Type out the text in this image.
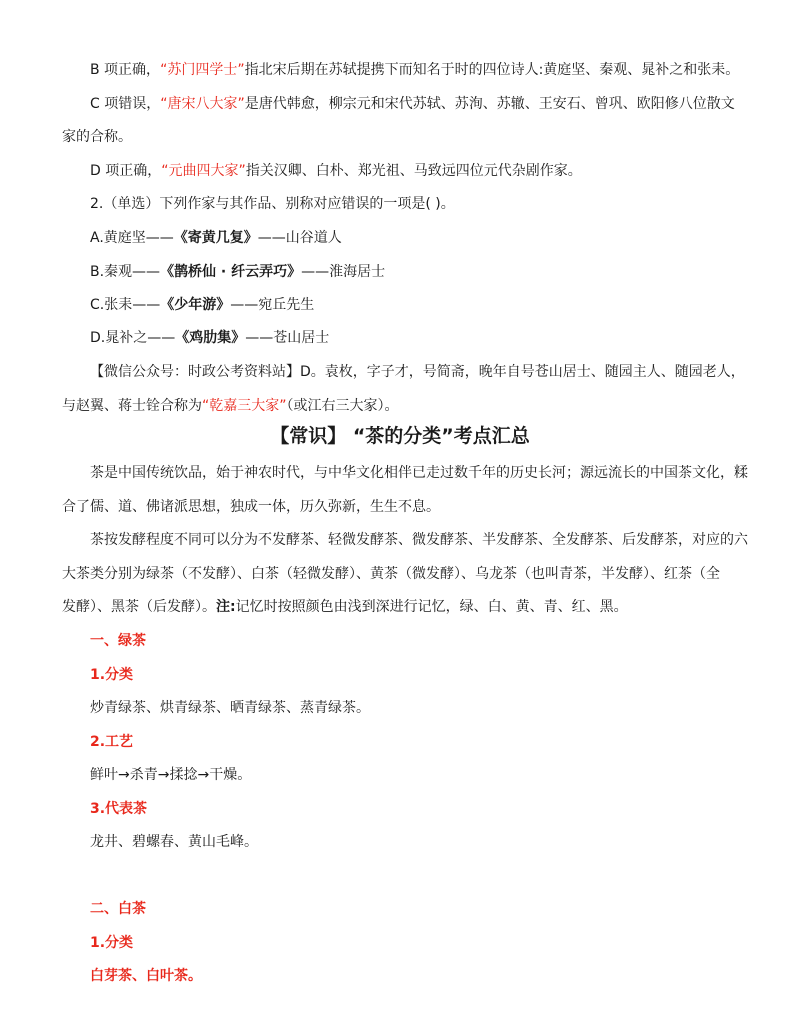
B 项正确，“苏门四学士”指北宋后期在苏轼提携下而知名于时的四位诗人:黄庭坚、秦观、晁补之和张耒。
C 项错误，“唐宋八大家”是唐代韩愈，柳宗元和宋代苏轼、苏洵、苏辙、王安石、曾巩、欧阳修八位散文
家的合称。
D 项正确，“元曲四大家”指关汉卿、白朴、郑光祖、马致远四位元代杂剧作家。
2.（单选）下列作家与其作品、别称对应错误的一项是( )。
A.黄庭坚——《寄黄几复》——山谷道人
B.秦观——《鹊桥仙 · 纤云弄巧》——淮海居士
C.张耒——《少年游》——宛丘先生
D.晁补之——《鸡肋集》——苍山居士
【微信公众号：时政公考资料站】D。袁枚，字子才，号简斋，晚年自号苍山居士、随园主人、随园老人，
与赵翼、蒋士铨合称为“乾嘉三大家”（或江右三大家）。
【常识】 “茶的分类”考点汇总
茶是中国传统饮品，始于神农时代，与中华文化相伴已走过数千年的历史长河；源远流长的中国茶文化，糅
合了儒、道、佛诸派思想，独成一体，历久弥新，生生不息。
茶按发酵程度不同可以分为不发酵茶、轻微发酵茶、微发酵茶、半发酵茶、全发酵茶、后发酵茶，对应的六
大茶类分别为绿茶（不发酵）、白茶（轻微发酵）、黄茶（微发酵）、乌龙茶（也叫青茶，半发酵）、红茶（全
发酵）、黑茶（后发酵）。注:记忆时按照颜色由浅到深进行记忆，绿、白、黄、青、红、黑。
一、绿茶
1.分类
炒青绿茶、烘青绿茶、晒青绿茶、蒸青绿茶。
2.工艺
鲜叶→杀青→揉捻→干燥。
3.代表茶
龙井、碧螺春、黄山毛峰。
二、白茶
1.分类
白芽茶、白叶茶。
